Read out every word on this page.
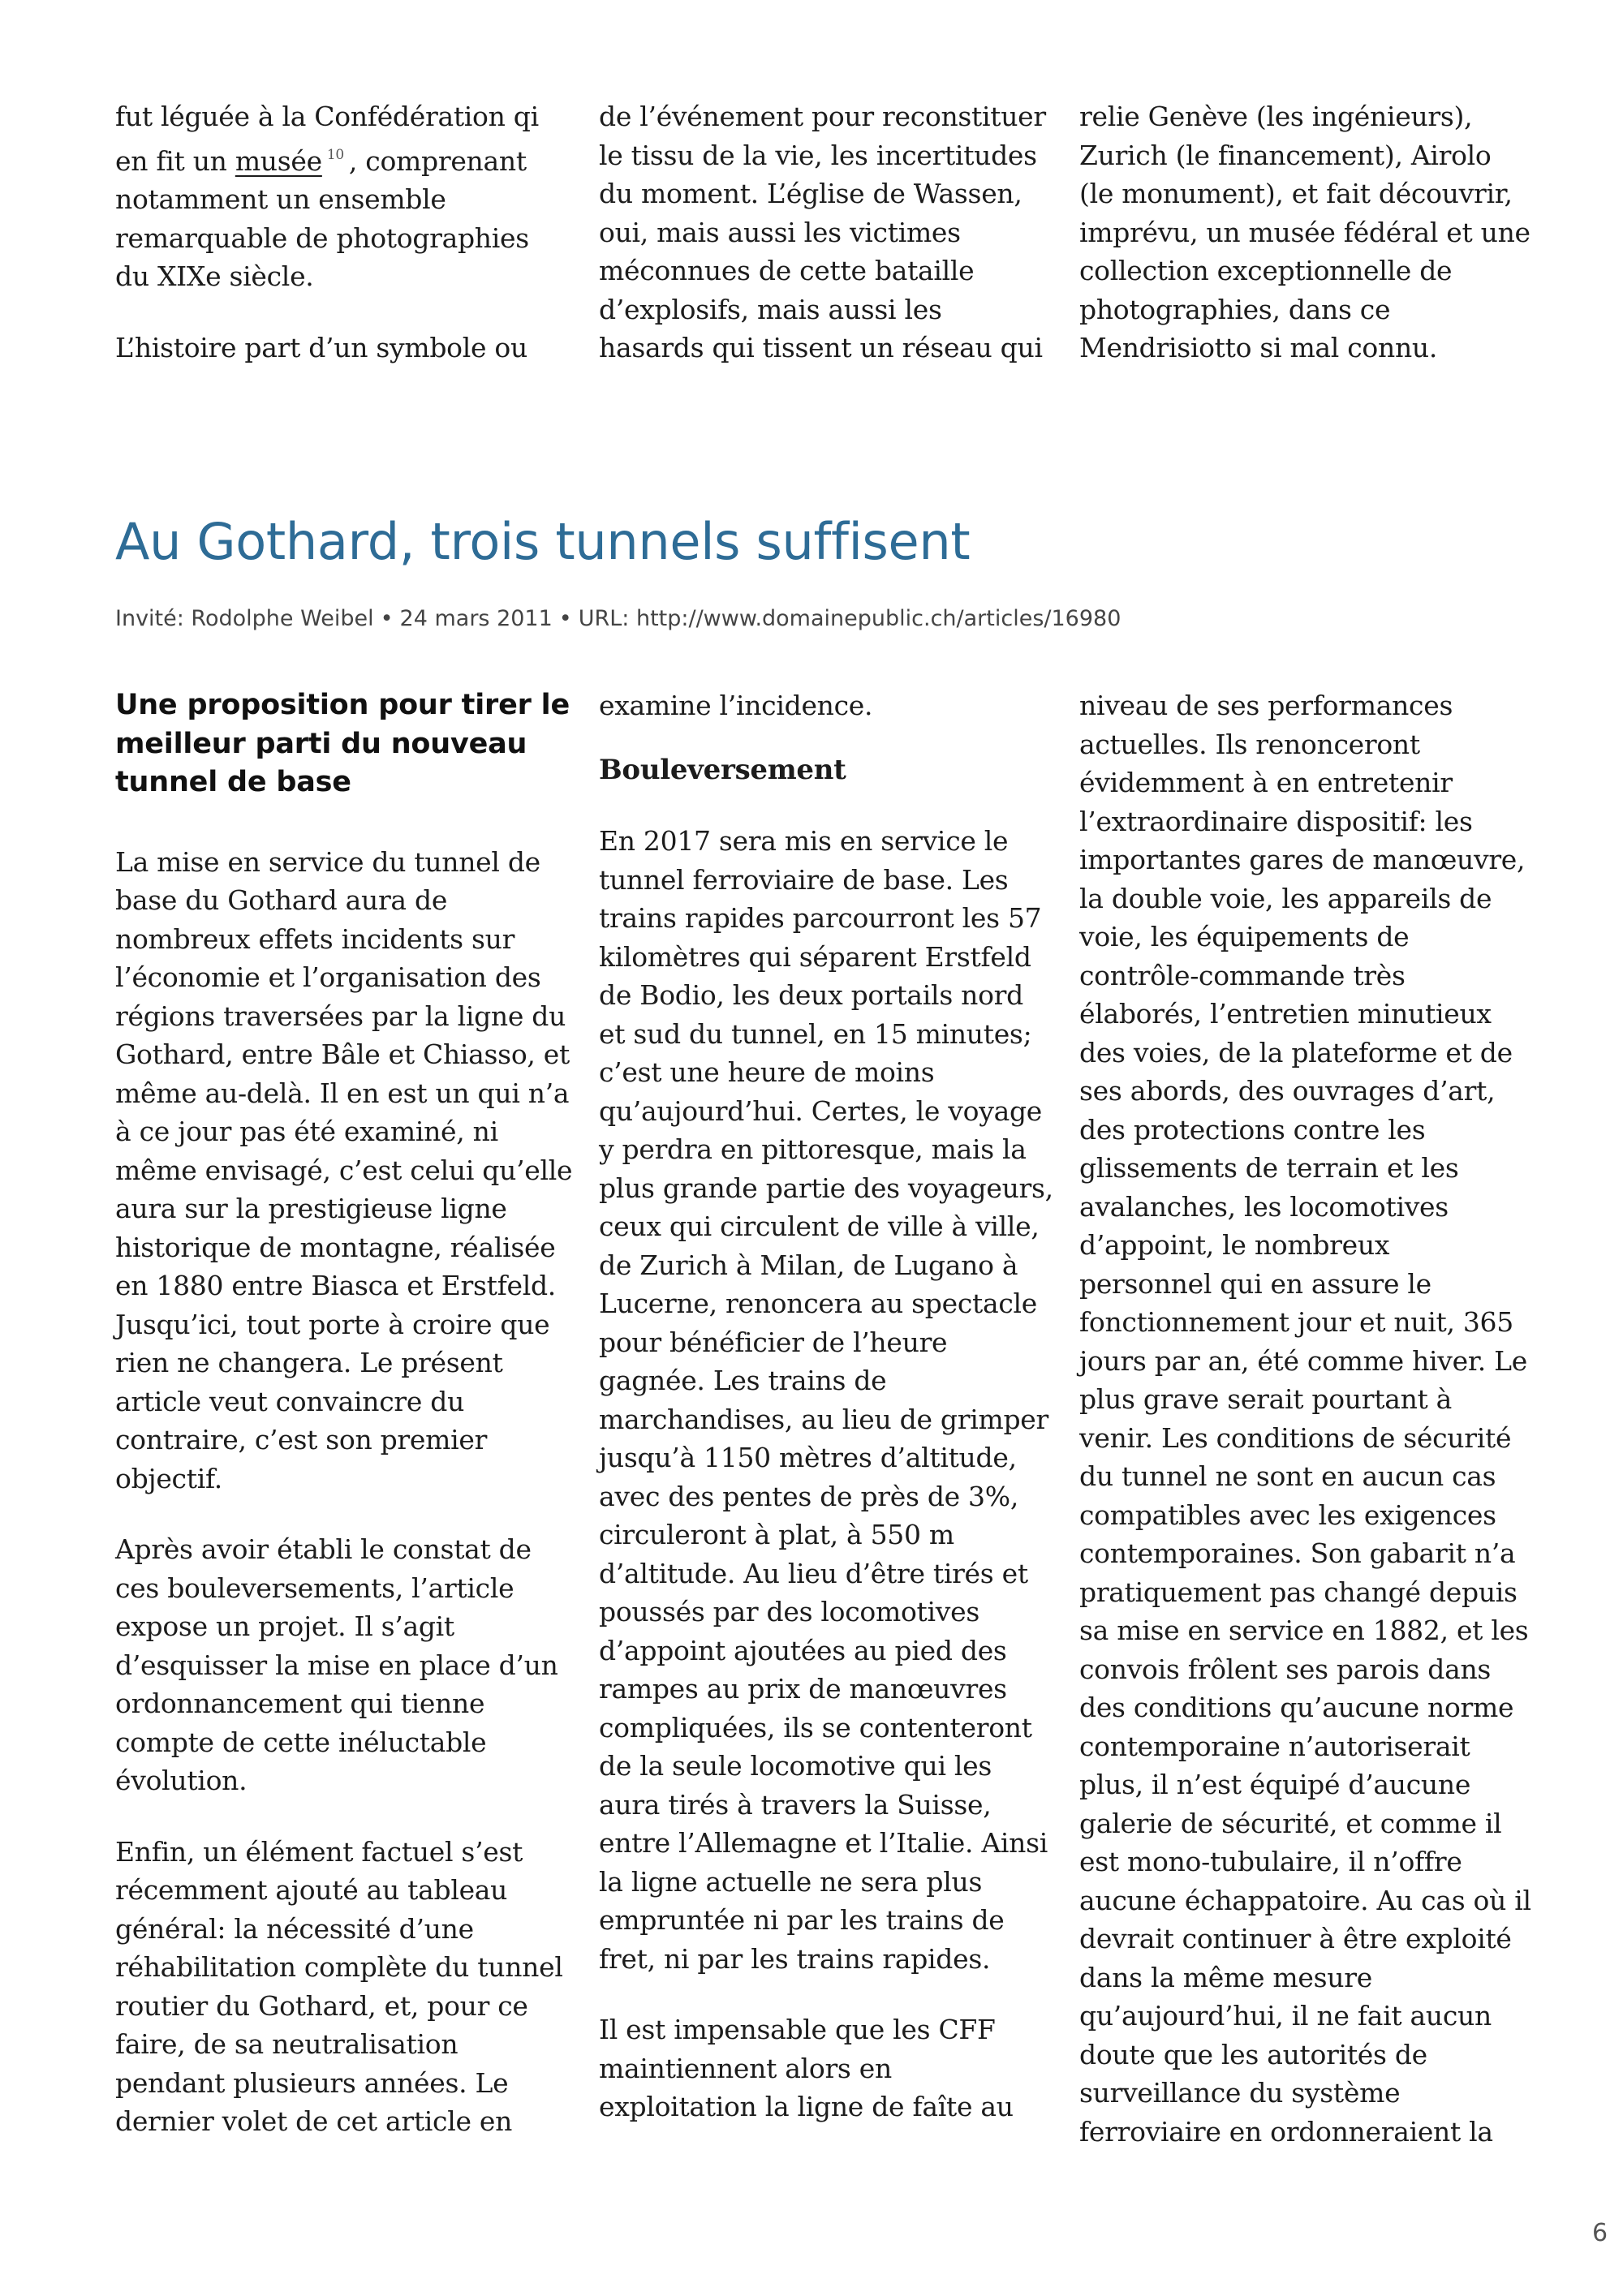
fut léguée à la Confédération qi
en fit un musée $^{10}$ , comprenant
notamment un ensemble
remarquable de photographies
du XIXe siècle.

L’histoire part d’un symbole ou

de l’événement pour reconstituer
le tissu de la vie, les incertitudes
du moment. L’église de Wassen,
oui, mais aussi les victimes
méconnues de cette bataille
d’explosifs, mais aussi les
hasards qui tissent un réseau qui

relie Genève (les ingénieurs),
Zurich (le financement), Airolo
(le monument), et fait découvrir,
imprévu, un musée fédéral et une
collection exceptionnelle de
photographies, dans ce
Mendrisiotto si mal connu.

Au Gothard, trois tunnels suffisent
Invité: Rodolphe Weibel • 24 mars 2011 • URL: http://www.domainepublic.ch/articles/16980
Une proposition pour tirer le
meilleur parti du nouveau
tunnel de base

La mise en service du tunnel de
base du Gothard aura de
nombreux effets incidents sur
l’économie et l’organisation des
régions traversées par la ligne du
Gothard, entre Bâle et Chiasso, et
même au-delà. Il en est un qui n’a
à ce jour pas été examiné, ni
même envisagé, c’est celui qu’elle
aura sur la prestigieuse ligne
historique de montagne, réalisée
en 1880 entre Biasca et Erstfeld.
Jusqu’ici, tout porte à croire que
rien ne changera. Le présent
article veut convaincre du
contraire, c’est son premier
objectif.

Après avoir établi le constat de
ces bouleversements, l’article
expose un projet. Il s’agit
d’esquisser la mise en place d’un
ordonnancement qui tienne
compte de cette inéluctable
évolution.

Enfin, un élément factuel s’est
récemment ajouté au tableau
général: la nécessité d’une
réhabilitation complète du tunnel
routier du Gothard, et, pour ce
faire, de sa neutralisation
pendant plusieurs années. Le
dernier volet de cet article en

examine l’incidence.

Bouleversement

En 2017 sera mis en service le
tunnel ferroviaire de base. Les
trains rapides parcourront les 57
kilomètres qui séparent Erstfeld
de Bodio, les deux portails nord
et sud du tunnel, en 15 minutes;
c’est une heure de moins
qu’aujourd’hui. Certes, le voyage
y perdra en pittoresque, mais la
plus grande partie des voyageurs,
ceux qui circulent de ville à ville,
de Zurich à Milan, de Lugano à
Lucerne, renoncera au spectacle
pour bénéficier de l’heure
gagnée. Les trains de
marchandises, au lieu de grimper
jusqu’à 1150 mètres d’altitude,
avec des pentes de près de 3%,
circuleront à plat, à 550 m
d’altitude. Au lieu d’être tirés et
poussés par des locomotives
d’appoint ajoutées au pied des
rampes au prix de manœuvres
compliquées, ils se contenteront
de la seule locomotive qui les
aura tirés à travers la Suisse,
entre l’Allemagne et l’Italie. Ainsi
la ligne actuelle ne sera plus
empruntée ni par les trains de
fret, ni par les trains rapides.

Il est impensable que les CFF
maintiennent alors en
exploitation la ligne de faîte au

niveau de ses performances
actuelles. Ils renonceront
évidemment à en entretenir
l’extraordinaire dispositif: les
importantes gares de manœuvre,
la double voie, les appareils de
voie, les équipements de
contrôle-commande très
élaborés, l’entretien minutieux
des voies, de la plateforme et de
ses abords, des ouvrages d’art,
des protections contre les
glissements de terrain et les
avalanches, les locomotives
d’appoint, le nombreux
personnel qui en assure le
fonctionnement jour et nuit, 365
jours par an, été comme hiver. Le
plus grave serait pourtant à
venir. Les conditions de sécurité
du tunnel ne sont en aucun cas
compatibles avec les exigences
contemporaines. Son gabarit n’a
pratiquement pas changé depuis
sa mise en service en 1882, et les
convois frôlent ses parois dans
des conditions qu’aucune norme
contemporaine n’autoriserait
plus, il n’est équipé d’aucune
galerie de sécurité, et comme il
est mono-tubulaire, il n’offre
aucune échappatoire. Au cas où il
devrait continuer à être exploité
dans la même mesure
qu’aujourd’hui, il ne fait aucun
doute que les autorités de
surveillance du système
ferroviaire en ordonneraient la

6
